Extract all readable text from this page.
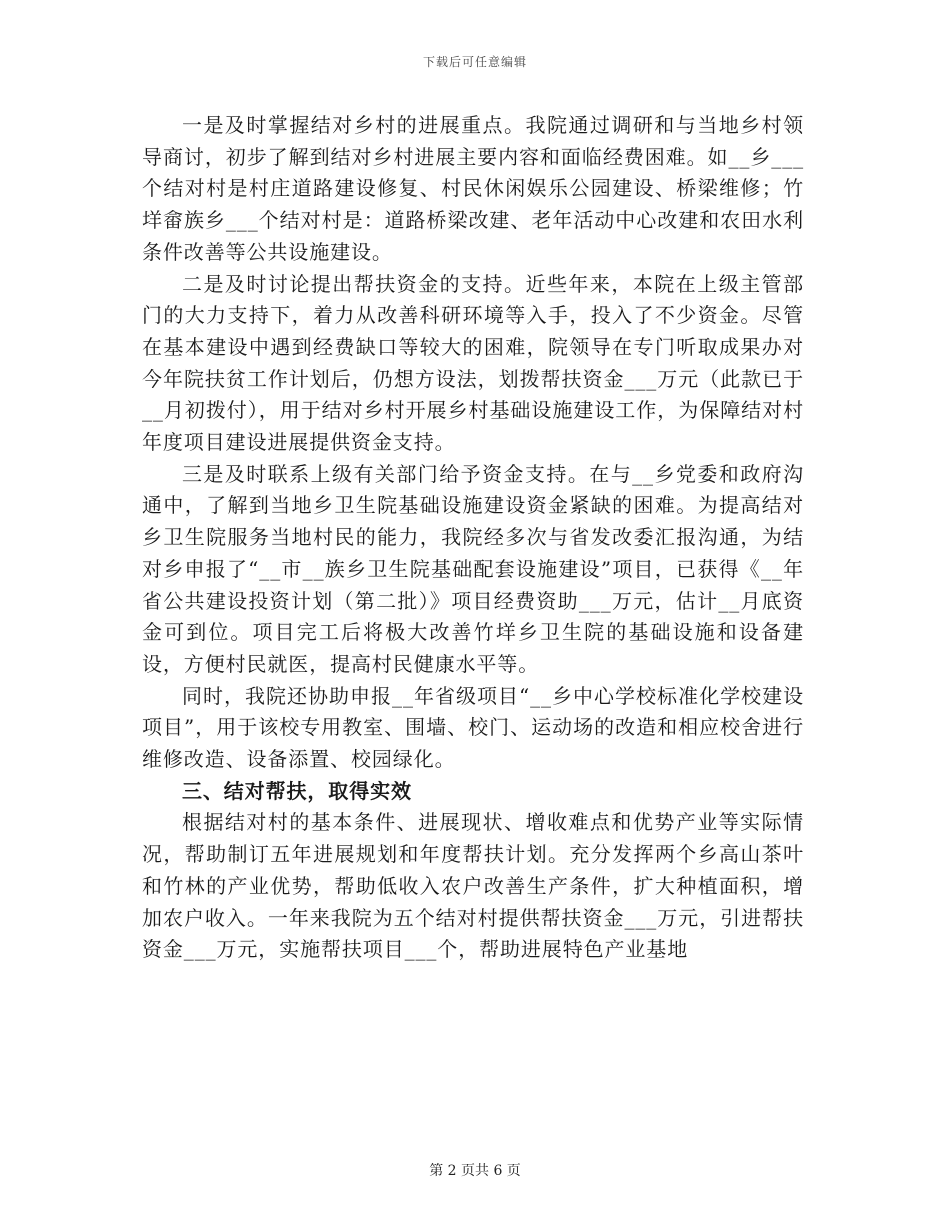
下载后可任意编辑

一是及时掌握结对乡村的进展重点。我院通过调研和与当地乡村领导商讨，初步了解到结对乡村进展主要内容和面临经费困难。如__乡___个结对村是村庄道路建设修复、村民休闲娱乐公园建设、桥梁维修；竹垟畲族乡___个结对村是：道路桥梁改建、老年活动中心改建和农田水利条件改善等公共设施建设。

二是及时讨论提出帮扶资金的支持。近些年来，本院在上级主管部门的大力支持下，着力从改善科研环境等入手，投入了不少资金。尽管在基本建设中遇到经费缺口等较大的困难，院领导在专门听取成果办对今年院扶贫工作计划后，仍想方设法，划拨帮扶资金___万元（此款已于__月初拨付），用于结对乡村开展乡村基础设施建设工作，为保障结对村年度项目建设进展提供资金支持。

三是及时联系上级有关部门给予资金支持。在与__乡党委和政府沟通中，了解到当地乡卫生院基础设施建设资金紧缺的困难。为提高结对乡卫生院服务当地村民的能力，我院经多次与省发改委汇报沟通，为结对乡申报了“__市__族乡卫生院基础配套设施建设”项目，已获得《__年省公共建设投资计划（第二批）》项目经费资助___万元，估计__月底资金可到位。项目完工后将极大改善竹垟乡卫生院的基础设施和设备建设，方便村民就医，提高村民健康水平等。

同时，我院还协助申报__年省级项目“__乡中心学校标准化学校建设项目”，用于该校专用教室、围墙、校门、运动场的改造和相应校舍进行维修改造、设备添置、校园绿化。

三、结对帮扶，取得实效

根据结对村的基本条件、进展现状、增收难点和优势产业等实际情况，帮助制订五年进展规划和年度帮扶计划。充分发挥两个乡高山茶叶和竹林的产业优势，帮助低收入农户改善生产条件，扩大种植面积，增加农户收入。一年来我院为五个结对村提供帮扶资金___万元，引进帮扶资金___万元，实施帮扶项目___个，帮助进展特色产业基地

第 2 页共 6 页
